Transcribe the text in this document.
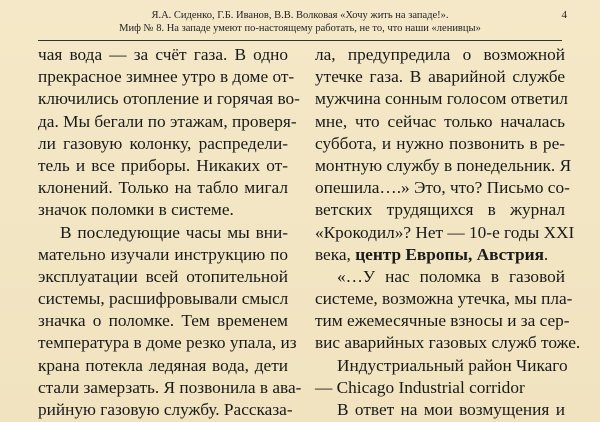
Я.А. Сиденко, Г.Б. Иванов, В.В. Волковая «Хочу жить на западе!».
Миф № 8. На западе умеют по-настоящему работать, не то, что наши «ленивцы»
4
чая вода — за счёт газа. В одно
прекрасное зимнее утро в доме от-
ключились отопление и горячая во-
да. Мы бегали по этажам, проверя-
ли газовую колонку, распредели-
тель и все приборы. Никаких от-
клонений. Только на табло мигал
значок поломки в системе.
В последующие часы мы вни-
мательно изучали инструкцию по
эксплуатации всей отопительной
системы, расшифровывали смысл
значка о поломке. Тем временем
температура в доме резко упала, из
крана потекла ледяная вода, дети
стали замерзать. Я позвонила в ава-
рийную газовую службу. Рассказа-
ла, предупредила о возможной
утечке газа. В аварийной службе
мужчина сонным голосом ответил
мне, что сейчас только началась
суббота, и нужно позвонить в ре-
монтную службу в понедельник. Я
опешила….» Это, что? Письмо со-
ветских трудящихся в журнал
«Крокодил»? Нет — 10-е годы XXI
века, центр Европы, Австрия.
«…У нас поломка в газовой
системе, возможна утечка, мы пла-
тим ежемесячные взносы и за сер-
вис аварийных газовых служб тоже.
Индустриальный район Чикаго
— Chicago Industrial corridor
В ответ на мои возмущения и
